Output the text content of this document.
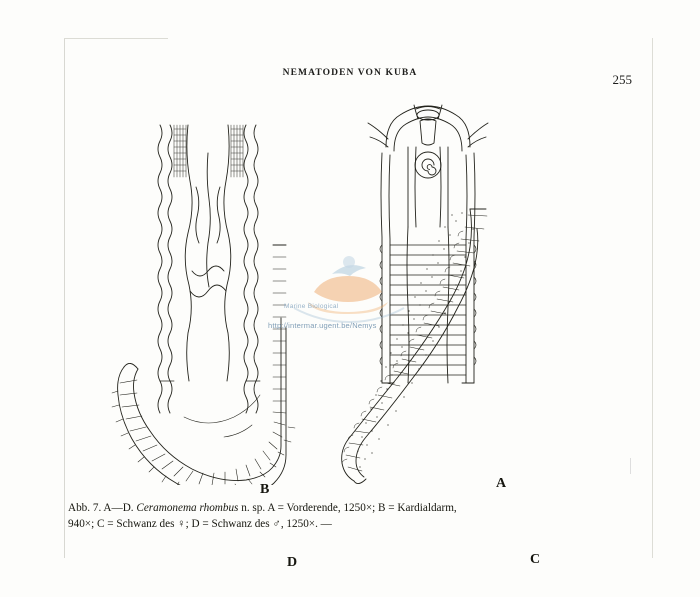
NEMATODEN VON KUBA	255
A
B
C
D
Marine Biological
http://intermar.ugent.be/Nemys
Abb. 7. A—D. Ceramonema rhombus n. sp. A = Vorderende, 1250×; B = Kardialdarm,
940×; C = Schwanz des ♀; D = Schwanz des ♂, 1250×. —
